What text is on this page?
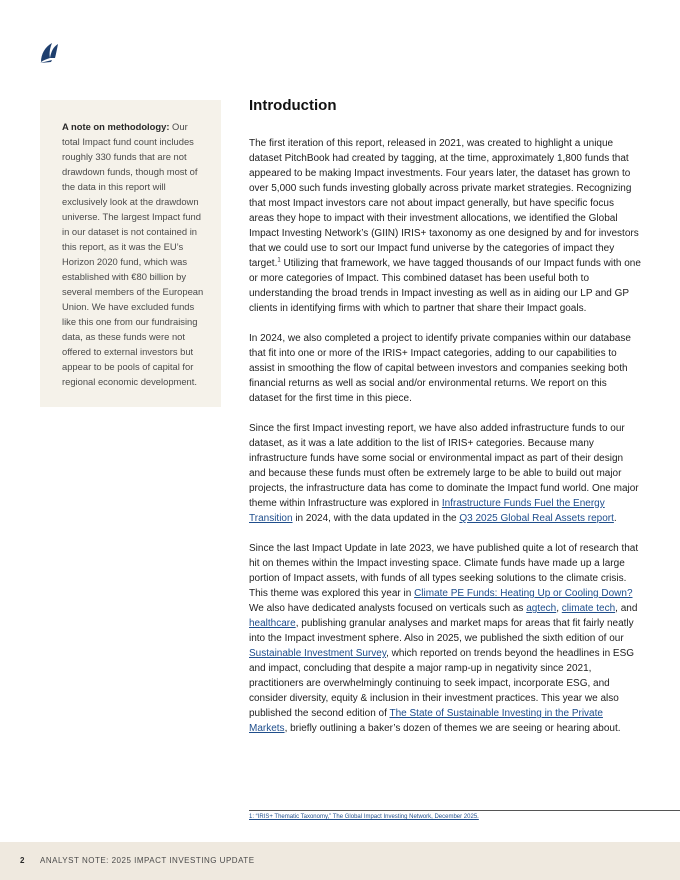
A note on methodology: Our total Impact fund count includes roughly 330 funds that are not drawdown funds, though most of the data in this report will exclusively look at the drawdown universe. The largest Impact fund in our dataset is not contained in this report, as it was the EU’s Horizon 2020 fund, which was established with €80 billion by several members of the European Union. We have excluded funds like this one from our fundraising data, as these funds were not offered to external investors but appear to be pools of capital for regional economic development.

Introduction

The first iteration of this report, released in 2021, was created to highlight a unique dataset PitchBook had created by tagging, at the time, approximately 1,800 funds that appeared to be making Impact investments. Four years later, the dataset has grown to over 5,000 such funds investing globally across private market strategies. Recognizing that most Impact investors care not about impact generally, but have specific focus areas they hope to impact with their investment allocations, we identified the Global Impact Investing Network’s (GIIN) IRIS+ taxonomy as one designed by and for investors that we could use to sort our Impact fund universe by the categories of impact they target.$^1$ Utilizing that framework, we have tagged thousands of our Impact funds with one or more categories of Impact. This combined dataset has been useful both to understanding the broad trends in Impact investing as well as in aiding our LP and GP clients in identifying firms with which to partner that share their Impact goals.

In 2024, we also completed a project to identify private companies within our database that fit into one or more of the IRIS+ Impact categories, adding to our capabilities to assist in smoothing the flow of capital between investors and companies seeking both financial returns as well as social and/or environmental returns. We report on this dataset for the first time in this piece.

Since the first Impact investing report, we have also added infrastructure funds to our dataset, as it was a late addition to the list of IRIS+ categories. Because many infrastructure funds have some social or environmental impact as part of their design and because these funds must often be extremely large to be able to build out major projects, the infrastructure data has come to dominate the Impact fund world. One major theme within Infrastructure was explored in Infrastructure Funds Fuel the Energy Transition in 2024, with the data updated in the Q3 2025 Global Real Assets report.

Since the last Impact Update in late 2023, we have published quite a lot of research that hit on themes within the Impact investing space. Climate funds have made up a large portion of Impact assets, with funds of all types seeking solutions to the climate crisis. This theme was explored this year in Climate PE Funds: Heating Up or Cooling Down? We also have dedicated analysts focused on verticals such as agtech, climate tech, and healthcare, publishing granular analyses and market maps for areas that fit fairly neatly into the Impact investment sphere. Also in 2025, we published the sixth edition of our Sustainable Investment Survey, which reported on trends beyond the headlines in ESG and impact, concluding that despite a major ramp-up in negativity since 2021, practitioners are overwhelmingly continuing to seek impact, incorporate ESG, and consider diversity, equity & inclusion in their investment practices. This year we also published the second edition of The State of Sustainable Investing in the Private Markets, briefly outlining a baker’s dozen of themes we are seeing or hearing about.

1: “IRIS+ Thematic Taxonomy,” The Global Impact Investing Network, December 2025.
2 ANALYST NOTE: 2025 IMPACT INVESTING UPDATE
